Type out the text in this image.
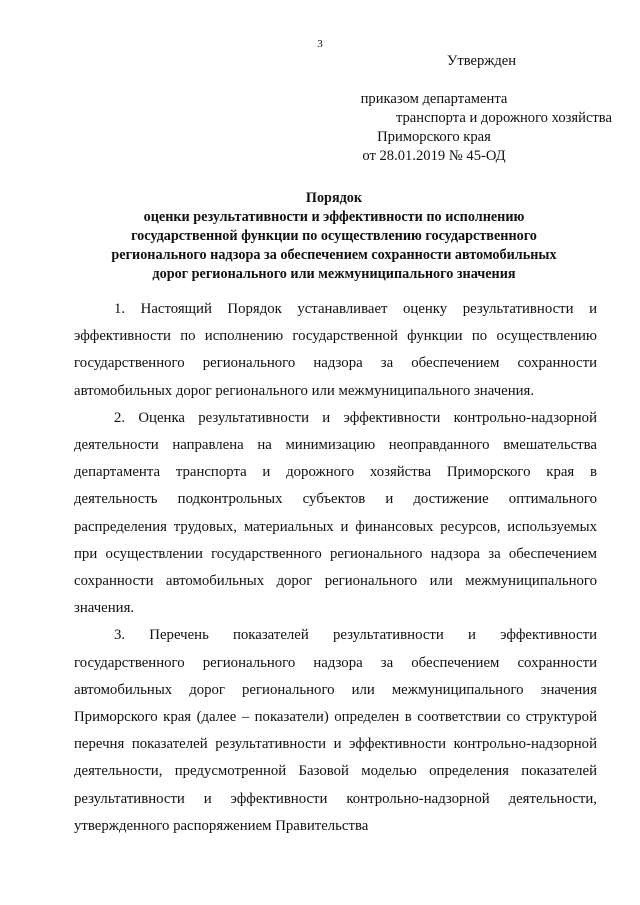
3
Утвержден
приказом департамента
транспорта и дорожного хозяйства
Приморского края
от 28.01.2019 № 45-ОД
Порядок
оценки результативности и эффективности по исполнению
государственной функции по осуществлению государственного
регионального надзора за обеспечением сохранности автомобильных
дорог регионального или межмуниципального значения

1. Настоящий Порядок устанавливает оценку результативности и эффективности по исполнению государственной функции по осуществлению государственного регионального надзора за обеспечением сохранности автомобильных дорог регионального или межмуниципального значения.

2. Оценка результативности и эффективности контрольно-надзорной деятельности направлена на минимизацию неоправданного вмешательства департамента транспорта и дорожного хозяйства Приморского края в деятельность подконтрольных субъектов и достижение оптимального распределения трудовых, материальных и финансовых ресурсов, используемых при осуществлении государственного регионального надзора за обеспечением сохранности автомобильных дорог регионального или межмуниципального значения.

3. Перечень показателей результативности и эффективности государственного регионального надзора за обеспечением сохранности автомобильных дорог регионального или межмуниципального значения Приморского края (далее – показатели) определен в соответствии со структурой перечня показателей результативности и эффективности контрольно-надзорной деятельности, предусмотренной Базовой моделью определения показателей результативности и эффективности контрольно-надзорной деятельности, утвержденного распоряжением Правительства
